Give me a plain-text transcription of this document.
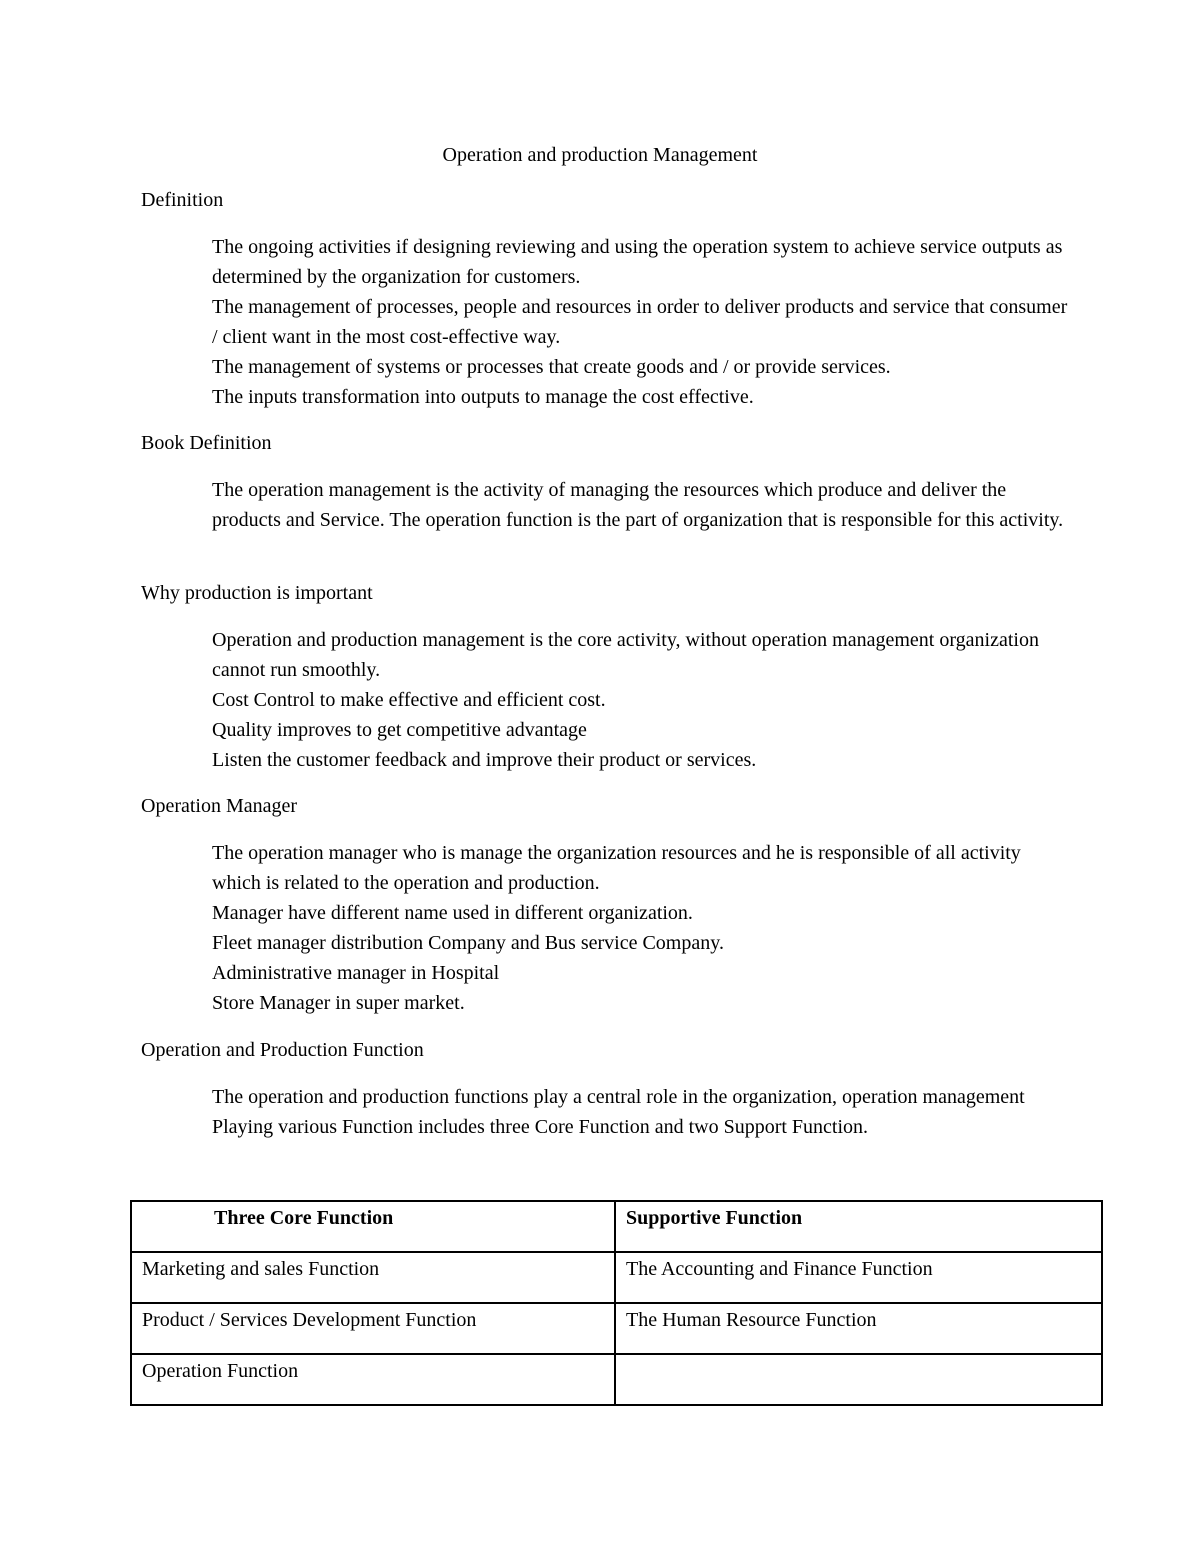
Operation and production Management
Definition

The ongoing activities if designing reviewing and using the operation system to achieve service outputs as determined by the organization for customers.

The management of processes, people and resources in order to deliver products and service that consumer / client want in the most cost-effective way.

The management of systems or processes that create goods and / or provide services.

The inputs transformation into outputs to manage the cost effective.

Book Definition

The operation management is the activity of managing the resources which produce and deliver the products and Service. The operation function is the part of organization that is responsible for this activity.

Why production is important

Operation and production management is the core activity, without operation management organization cannot run smoothly.

Cost Control to make effective and efficient cost.

Quality improves to get competitive advantage

Listen the customer feedback and improve their product or services.

Operation Manager

The operation manager who is manage the organization resources and he is responsible of all activity which is related to the operation and production.

Manager have different name used in different organization.

Fleet manager distribution Company and Bus service Company.

Administrative manager in Hospital

Store Manager in super market.

Operation and Production Function

The operation and production functions play a central role in the organization, operation management Playing various Function includes three Core Function and two Support Function.

Three Core Function	Supportive Function
Marketing and sales Function	The Accounting and Finance Function
Product / Services Development Function	The Human Resource Function
Operation Function	
